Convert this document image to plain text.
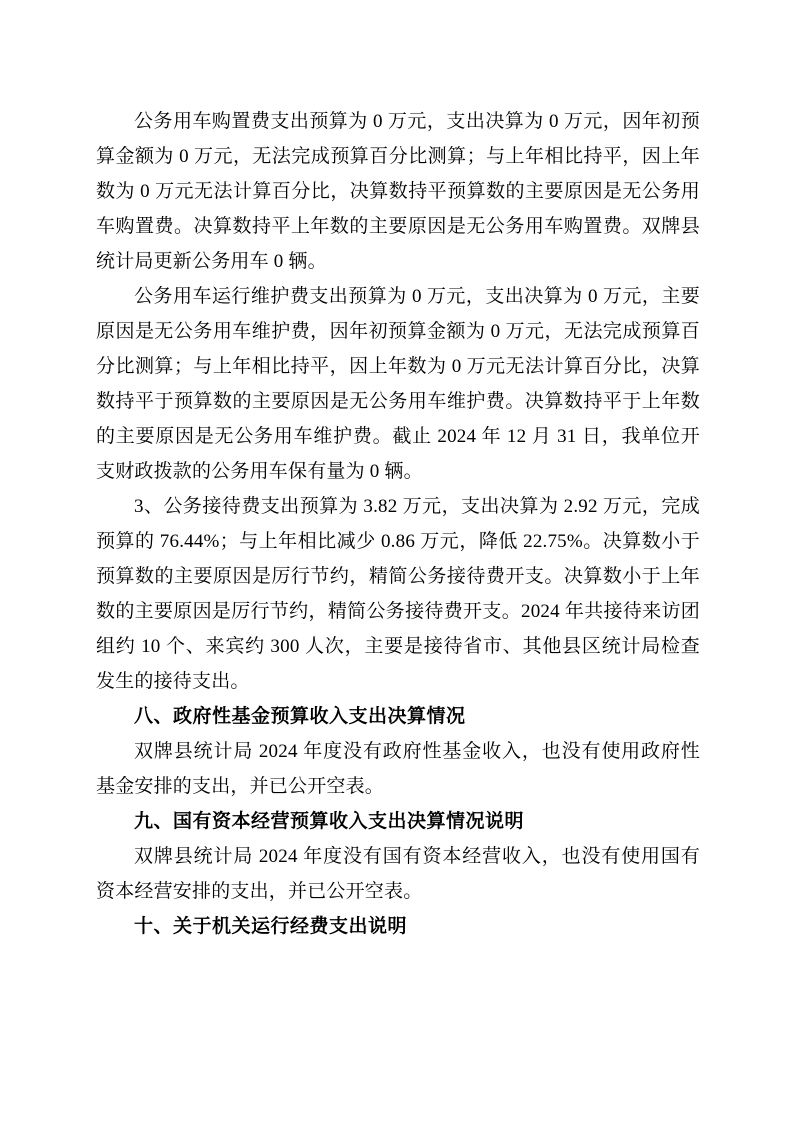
公务用车购置费支出预算为 0 万元，支出决算为 0 万元，因年初预算金额为 0 万元，无法完成预算百分比测算；与上年相比持平，因上年数为 0 万元无法计算百分比，决算数持平预算数的主要原因是无公务用车购置费。决算数持平上年数的主要原因是无公务用车购置费。双牌县统计局更新公务用车 0 辆。

公务用车运行维护费支出预算为 0 万元，支出决算为 0 万元，主要原因是无公务用车维护费，因年初预算金额为 0 万元，无法完成预算百分比测算；与上年相比持平，因上年数为 0 万元无法计算百分比，决算数持平于预算数的主要原因是无公务用车维护费。决算数持平于上年数的主要原因是无公务用车维护费。截止 2024 年 12 月 31 日，我单位开支财政拨款的公务用车保有量为 0 辆。

3、公务接待费支出预算为 3.82 万元，支出决算为 2.92 万元，完成预算的 76.44%；与上年相比减少 0.86 万元，降低 22.75%。决算数小于预算数的主要原因是厉行节约，精简公务接待费开支。决算数小于上年数的主要原因是厉行节约，精简公务接待费开支。2024 年共接待来访团组约 10 个、来宾约 300 人次，主要是接待省市、其他县区统计局检查发生的接待支出。

八、政府性基金预算收入支出决算情况

双牌县统计局 2024 年度没有政府性基金收入，也没有使用政府性基金安排的支出，并已公开空表。

九、国有资本经营预算收入支出决算情况说明

双牌县统计局 2024 年度没有国有资本经营收入，也没有使用国有资本经营安排的支出，并已公开空表。

十、关于机关运行经费支出说明
